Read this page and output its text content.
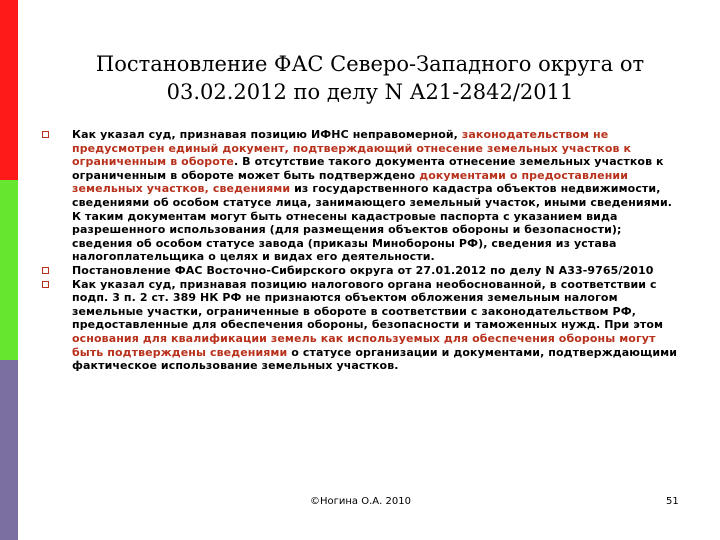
Постановление ФАС Северо-Западного округа от
03.02.2012 по делу N А21-2842/2011

Как указал суд, признавая позицию ИФНС неправомерной, законодательством не предусмотрен единый документ, подтверждающий отнесение земельных участков к ограниченным в обороте. В отсутствие такого документа отнесение земельных участков к ограниченным в обороте может быть подтверждено документами о предоставлении земельных участков, сведениями из государственного кадастра объектов недвижимости, сведениями об особом статусе лица, занимающего земельный участок, иными сведениями. К таким документам могут быть отнесены кадастровые паспорта с указанием вида разрешенного использования (для размещения объектов обороны и безопасности); сведения об особом статусе завода (приказы Минобороны РФ), сведения из устава налогоплательщика о целях и видах его деятельности.

Постановление ФАС Восточно-Сибирского округа от 27.01.2012 по делу N А33-9765/2010

Как указал суд, признавая позицию налогового органа необоснованной, в соответствии с подп. 3 п. 2 ст. 389 НК РФ не признаются объектом обложения земельным налогом земельные участки, ограниченные в обороте в соответствии с законодательством РФ, предоставленные для обеспечения обороны, безопасности и таможенных нужд. При этом основания для квалификации земель как используемых для обеспечения обороны могут быть подтверждены сведениями о статусе организации и документами, подтверждающими фактическое использование земельных участков.

©Ногина О.А. 2010	51
